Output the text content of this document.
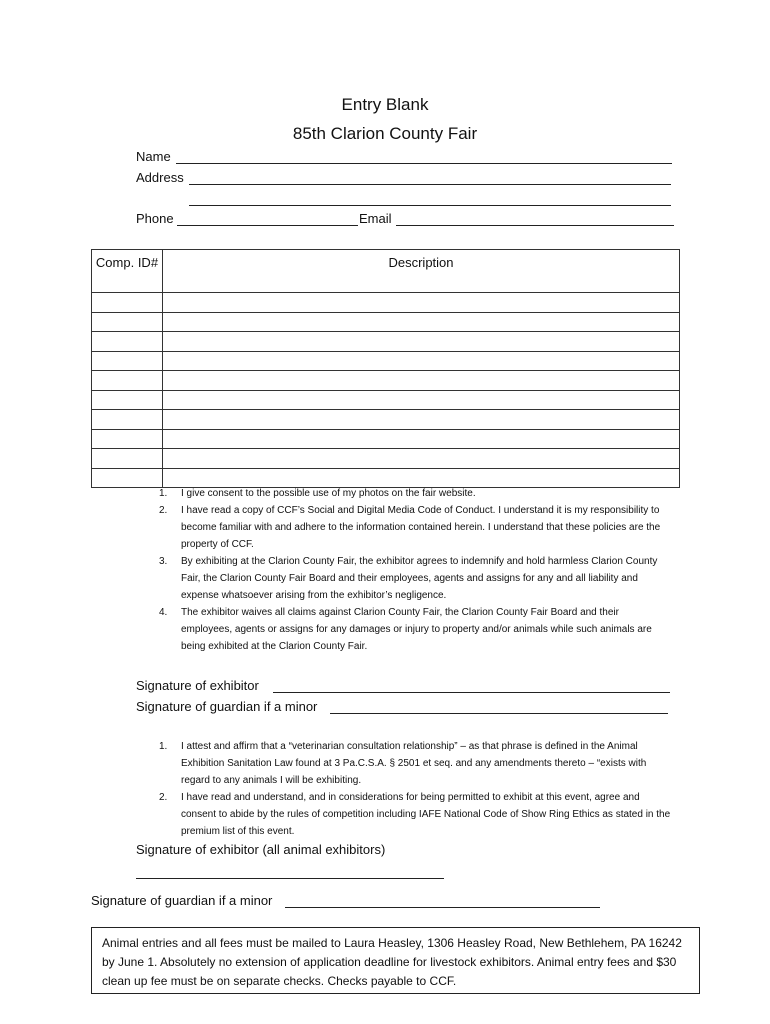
Entry Blank
85th Clarion County Fair
Name
Address
Phone	Email
Comp. ID#	Description

1. I give consent to the possible use of my photos on the fair website.
2. I have read a copy of CCF’s Social and Digital Media Code of Conduct. I understand it is my responsibility to become familiar with and adhere to the information contained herein. I understand that these policies are the property of CCF.
3. By exhibiting at the Clarion County Fair, the exhibitor agrees to indemnify and hold harmless Clarion County Fair, the Clarion County Fair Board and their employees, agents and assigns for any and all liability and expense whatsoever arising from the exhibitor’s negligence.
4. The exhibitor waives all claims against Clarion County Fair, the Clarion County Fair Board and their employees, agents or assigns for any damages or injury to property and/or animals while such animals are being exhibited at the Clarion County Fair.
Signature of exhibitor
Signature of guardian if a minor
1. I attest and affirm that a “veterinarian consultation relationship” – as that phrase is defined in the Animal Exhibition Sanitation Law found at 3 Pa.C.S.A. § 2501 et seq. and any amendments thereto – “exists with regard to any animals I will be exhibiting.
2. I have read and understand, and in considerations for being permitted to exhibit at this event, agree and consent to abide by the rules of competition including IAFE National Code of Show Ring Ethics as stated in the premium list of this event.
Signature of exhibitor (all animal exhibitors)
Signature of guardian if a minor
Animal entries and all fees must be mailed to Laura Heasley, 1306 Heasley Road, New Bethlehem, PA 16242 by June 1. Absolutely no extension of application deadline for livestock exhibitors. Animal entry fees and $30 clean up fee must be on separate checks. Checks payable to CCF.
